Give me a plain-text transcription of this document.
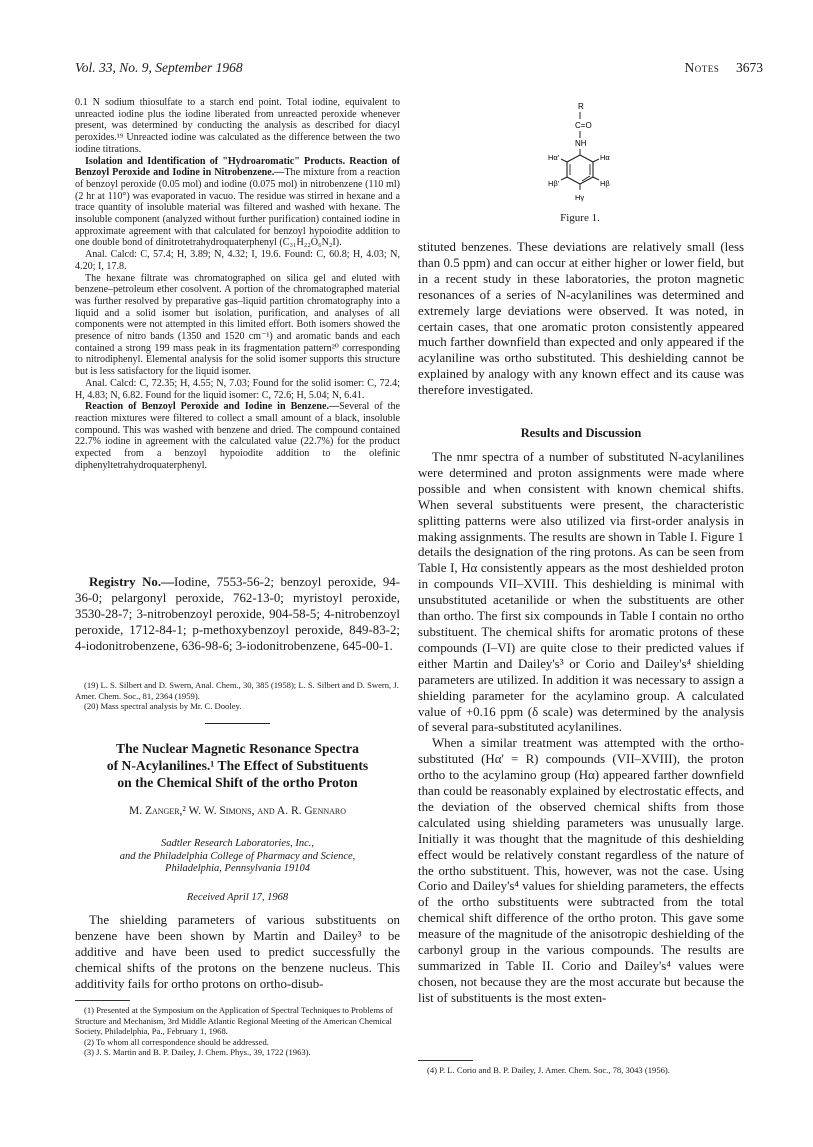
Vol. 33, No. 9, September 1968	Notes 3673

0.1 N sodium thiosulfate to a starch end point. Total iodine, equivalent to unreacted iodine plus the iodine liberated from unreacted peroxide whenever present, was determined by conducting the analysis as described for diacyl peroxides.¹⁹ Unreacted iodine was calculated as the difference between the two iodine titrations.

Isolation and Identification of "Hydroaromatic" Products. Reaction of Benzoyl Peroxide and Iodine in Nitrobenzene.—The mixture from a reaction of benzoyl peroxide (0.05 mol) and iodine (0.075 mol) in nitrobenzene (110 ml) (2 hr at 110°) was evaporated in vacuo. The residue was stirred in hexane and a trace quantity of insoluble material was filtered and washed with hexane. The insoluble component (analyzed without further purification) contained iodine in approximate agreement with that calculated for benzoyl hypoiodite addition to one double bond of dinitrotetrahydroquaterphenyl (C₃₁H₂₂O₆N₂I).

Anal. Calcd: C, 57.4; H, 3.89; N, 4.32; I, 19.6. Found: C, 60.8; H, 4.03; N, 4.20; I, 17.8.

The hexane filtrate was chromatographed on silica gel and eluted with benzene–petroleum ether cosolvent. A portion of the chromatographed material was further resolved by preparative gas–liquid partition chromatography into a liquid and a solid isomer but isolation, purification, and analyses of all components were not attempted in this limited effort. Both isomers showed the presence of nitro bands (1350 and 1520 cm⁻¹) and aromatic bands and each contained a strong 199 mass peak in its fragmentation pattern²⁰ corresponding to nitrodiphenyl. Elemental analysis for the solid isomer supports this structure but is less satisfactory for the liquid isomer.

Anal. Calcd: C, 72.35; H, 4.55; N, 7.03; Found for the solid isomer: C, 72.4; H, 4.83; N, 6.82. Found for the liquid isomer: C, 72.6; H, 5.04; N, 6.41.

Reaction of Benzoyl Peroxide and Iodine in Benzene.—Several of the reaction mixtures were filtered to collect a small amount of a black, insoluble compound. This was washed with benzene and dried. The compound contained 22.7% iodine in agreement with the calculated value (22.7%) for the product expected from a benzoyl hypoiodite addition to the olefinic diphenyltetrahydroquaterphenyl.

Registry No.—Iodine, 7553-56-2; benzoyl peroxide, 94-36-0; pelargonyl peroxide, 762-13-0; myristoyl peroxide, 3530-28-7; 3-nitrobenzoyl peroxide, 904-58-5; 4-nitrobenzoyl peroxide, 1712-84-1; p-methoxybenzoyl peroxide, 849-83-2; 4-iodonitrobenzene, 636-98-6; 3-iodonitrobenzene, 645-00-1.

(19) L. S. Silbert and D. Swern, Anal. Chem., 30, 385 (1958); L. S. Silbert and D. Swern, J. Amer. Chem. Soc., 81, 2364 (1959).

(20) Mass spectral analysis by Mr. C. Dooley.

The Nuclear Magnetic Resonance Spectra
of N-Acylanilines.¹ The Effect of Substituents
on the Chemical Shift of the ortho Proton
M. Zanger,² W. W. Simons, and A. R. Gennaro
Sadtler Research Laboratories, Inc.,
and the Philadelphia College of Pharmacy and Science,
Philadelphia, Pennsylvania 19104
Received April 17, 1968

The shielding parameters of various substituents on benzene have been shown by Martin and Dailey³ to be additive and have been used to predict successfully the chemical shifts of the protons on the benzene nucleus. This additivity fails for ortho protons on ortho-disub-

(1) Presented at the Symposium on the Application of Spectral Techniques to Problems of Structure and Mechanism, 3rd Middle Atlantic Regional Meeting of the American Chemical Society, Philadelphia, Pa., February 1, 1968.

(2) To whom all correspondence should be addressed.

(3) J. S. Martin and B. P. Dailey, J. Chem. Phys., 39, 1722 (1963).

R
C=O
NH
Hα'	Hα
Hβ'	Hβ
Hγ
Figure 1.

stituted benzenes. These deviations are relatively small (less than 0.5 ppm) and can occur at either higher or lower field, but in a recent study in these laboratories, the proton magnetic resonances of a series of N-acylanilines was determined and extremely large deviations were observed. It was noted, in certain cases, that one aromatic proton consistently appeared much farther downfield than expected and only appeared if the acylaniline was ortho substituted. This deshielding cannot be explained by analogy with any known effect and its cause was therefore investigated.

Results and Discussion

The nmr spectra of a number of substituted N-acylanilines were determined and proton assignments were made where possible and when consistent with known chemical shifts. When several substituents were present, the characteristic splitting patterns were also utilized via first-order analysis in making assignments. The results are shown in Table I. Figure 1 details the designation of the ring protons. As can be seen from Table I, Hα consistently appears as the most deshielded proton in compounds VII–XVIII. This deshielding is minimal with unsubstituted acetanilide or when the substituents are other than ortho. The first six compounds in Table I contain no ortho substituent. The chemical shifts for aromatic protons of these compounds (I–VI) are quite close to their predicted values if either Martin and Dailey's³ or Corio and Dailey's⁴ shielding parameters are utilized. In addition it was necessary to assign a shielding parameter for the acylamino group. A calculated value of +0.16 ppm (δ scale) was determined by the analysis of several para-substituted acylanilines.

When a similar treatment was attempted with the ortho-substituted (Hα' = R) compounds (VII–XVIII), the proton ortho to the acylamino group (Hα) appeared farther downfield than could be reasonably explained by electrostatic effects, and the deviation of the observed chemical shifts from those calculated using shielding parameters was unusually large. Initially it was thought that the magnitude of this deshielding effect would be relatively constant regardless of the nature of the ortho substituent. This, however, was not the case. Using Corio and Dailey's⁴ values for shielding parameters, the effects of the ortho substituents were subtracted from the total chemical shift difference of the ortho proton. This gave some measure of the magnitude of the anisotropic deshielding of the carbonyl group in the various compounds. The results are summarized in Table II. Corio and Dailey's⁴ values were chosen, not because they are the most accurate but because the list of substituents is the most exten-

(4) P. L. Corio and B. P. Dailey, J. Amer. Chem. Soc., 78, 3043 (1956).
